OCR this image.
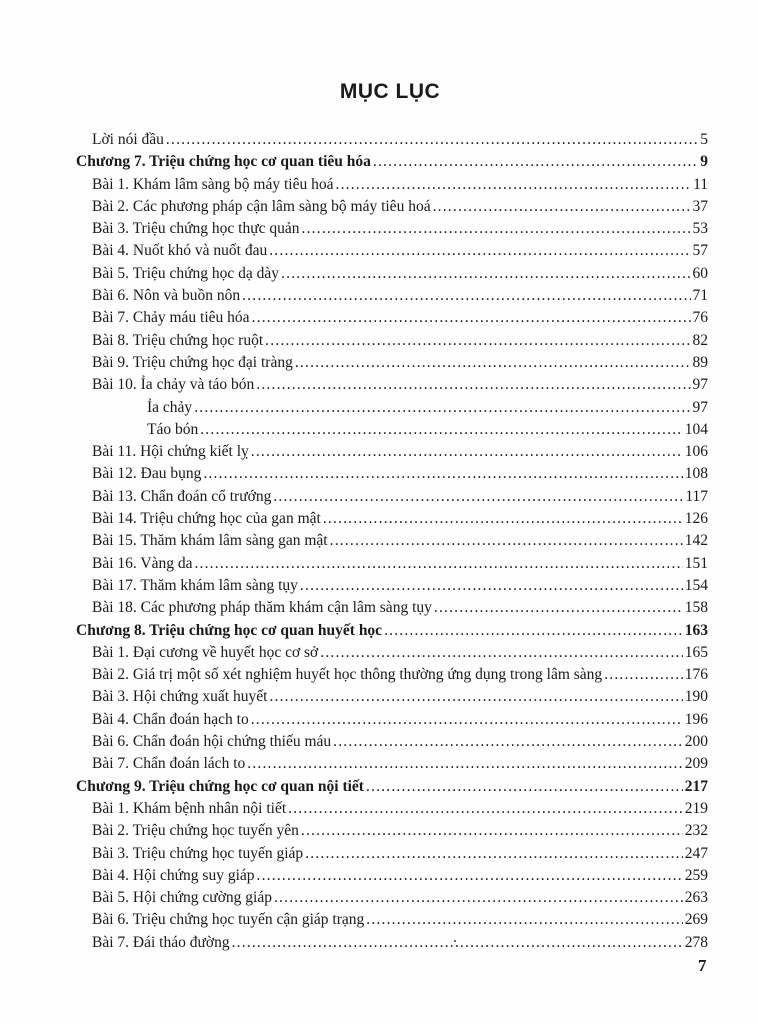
MỤC LỤC
Lời nói đầu .....	5
Chương 7. Triệu chứng học cơ quan tiêu hóa .....	9
Bài 1. Khám lâm sàng bộ máy tiêu hoá .....	11
Bài 2. Các phương pháp cận lâm sàng bộ máy tiêu hoá .....	37
Bài 3. Triệu chứng học thực quản .....	53
Bài 4. Nuốt khó và nuốt đau .....	57
Bài 5. Triệu chứng học dạ dày .....	60
Bài 6. Nôn và buồn nôn .....	71
Bài 7. Chảy máu tiêu hóa .....	76
Bài 8. Triệu chứng học ruột .....	82
Bài 9. Triệu chứng học đại tràng .....	89
Bài 10. Ỉa chảy và táo bón .....	97
Ỉa chảy .....	97
Táo bón .....	104
Bài 11. Hội chứng kiết lỵ .....	106
Bài 12. Đau bụng .....	108
Bài 13. Chẩn đoán cổ trướng .....	117
Bài 14. Triệu chứng học của gan mật .....	126
Bài 15. Thăm khám lâm sàng gan mật .....	142
Bài 16. Vàng da .....	151
Bài 17. Thăm khám lâm sàng tụy .....	154
Bài 18. Các phương pháp thăm khám cận lâm sàng tụy .....	158
Chương 8. Triệu chứng học cơ quan huyết học .....	163
Bài 1. Đại cương về huyết học cơ sở .....	165
Bài 2. Giá trị một số xét nghiệm huyết học thông thường ứng dụng trong lâm sàng .....	176
Bài 3. Hội chứng xuất huyết .....	190
Bài 4. Chẩn đoán hạch to .....	196
Bài 6. Chẩn đoán hội chứng thiếu máu .....	200
Bài 7. Chẩn đoán lách to .....	209
Chương 9. Triệu chứng học cơ quan nội tiết .....	217
Bài 1. Khám bệnh nhân nội tiết .....	219
Bài 2. Triệu chứng học tuyến yên .....	232
Bài 3. Triệu chứng học tuyến giáp .....	247
Bài 4. Hội chứng suy giáp .....	259
Bài 5. Hội chứng cường giáp .....	263
Bài 6. Triệu chứng học tuyến cận giáp trạng .....	269
Bài 7. Đái tháo đường .....	278
7
